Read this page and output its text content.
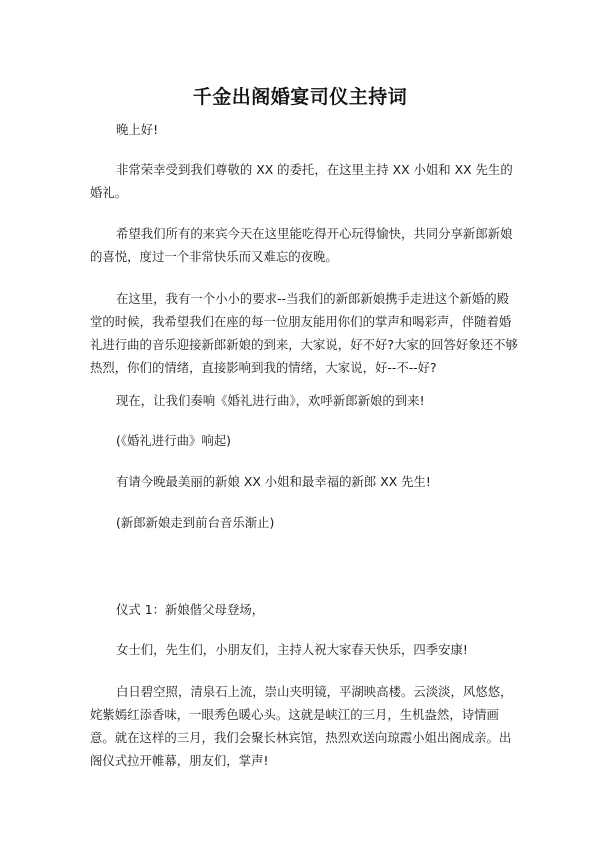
千金出阁婚宴司仪主持词

晚上好!

非常荣幸受到我们尊敬的 XX 的委托，在这里主持 XX 小姐和 XX 先生的婚礼。

希望我们所有的来宾今天在这里能吃得开心玩得愉快，共同分享新郎新娘的喜悦，度过一个非常快乐而又难忘的夜晚。

在这里，我有一个小小的要求--当我们的新郎新娘携手走进这个新婚的殿堂的时候，我希望我们在座的每一位朋友能用你们的掌声和喝彩声，伴随着婚礼进行曲的音乐迎接新郎新娘的到来，大家说，好不好?大家的回答好象还不够热烈，你们的情绪，直接影响到我的情绪，大家说，好--不--好?

现在，让我们奏响《婚礼进行曲》，欢呼新郎新娘的到来!

(《婚礼进行曲》响起)

有请今晚最美丽的新娘 XX 小姐和最幸福的新郎 XX 先生!

(新郎新娘走到前台音乐渐止)

仪式 1：新娘偕父母登场，

女士们，先生们，小朋友们，主持人祝大家春天快乐，四季安康!

白日碧空照，清泉石上流，崇山夹明镜，平湖映高楼。云淡淡，风悠悠，姹紫嫣红添香味，一眼秀色暖心头。这就是峡江的三月，生机盎然，诗情画意。就在这样的三月，我们会聚长林宾馆，热烈欢送向琼霞小姐出阁成亲。出阁仪式拉开帷幕，朋友们，掌声!
